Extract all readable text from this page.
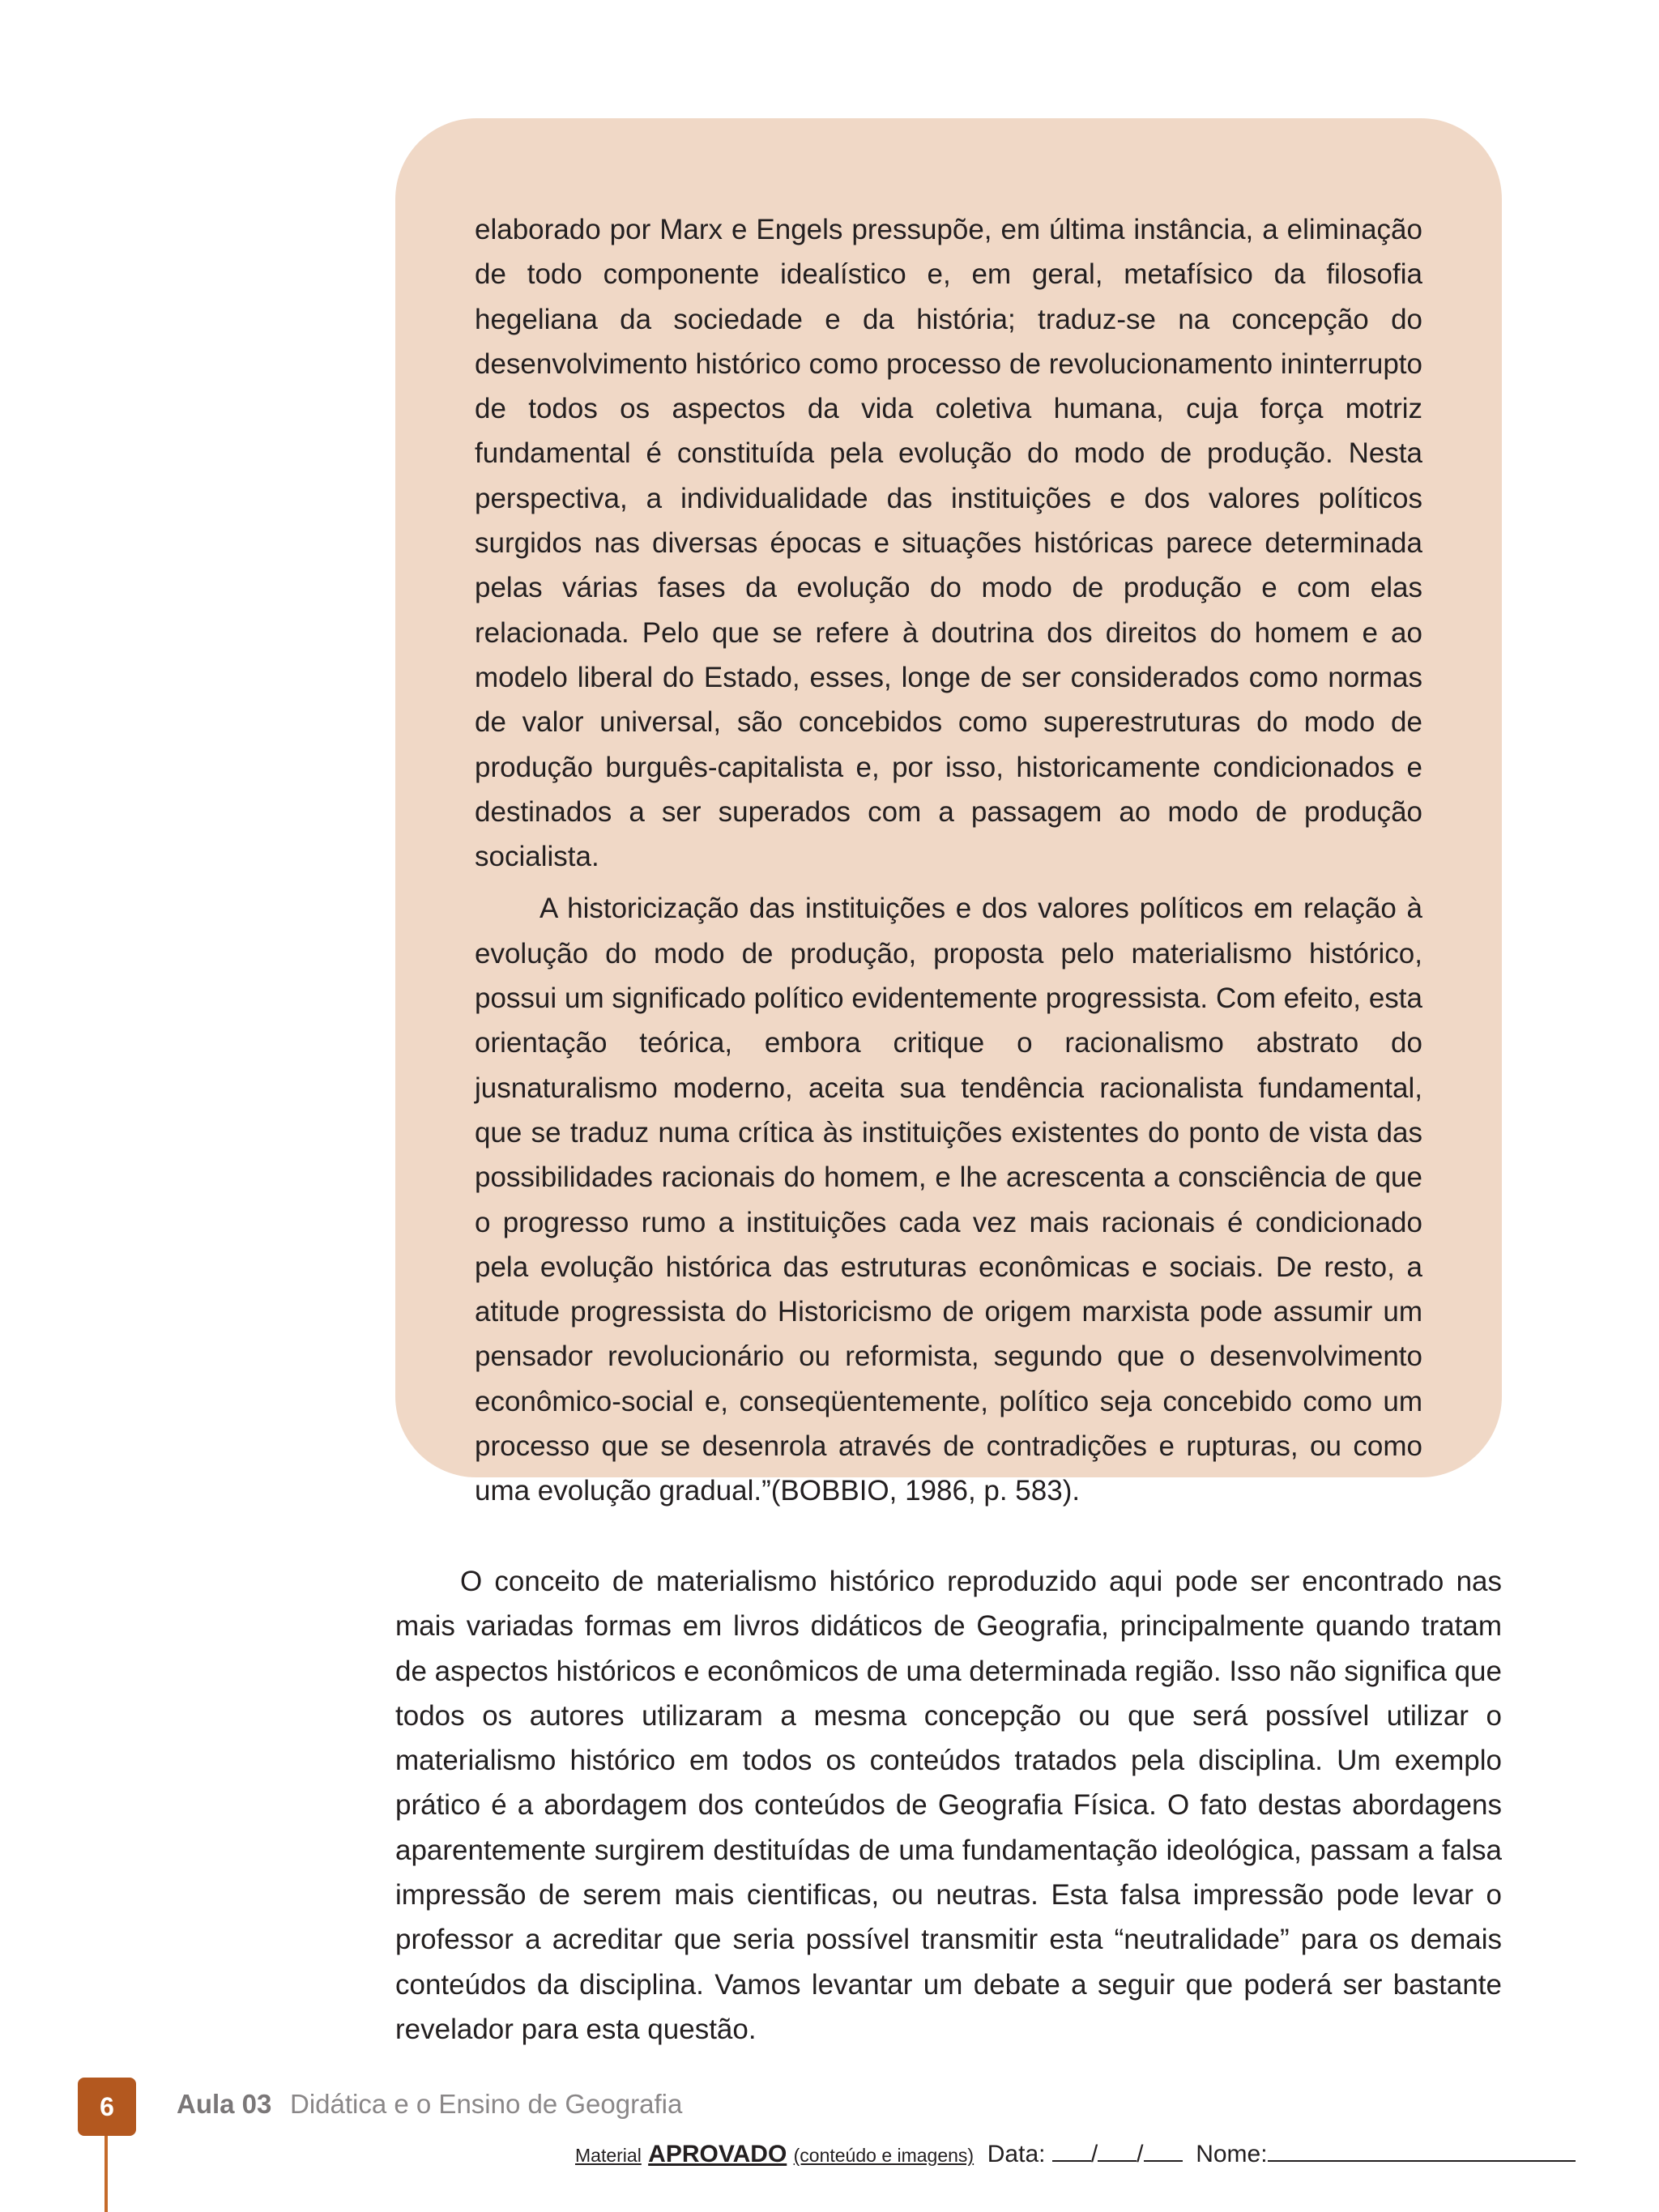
elaborado por Marx e Engels pressupõe, em última instância, a eliminação de todo componente idealístico e, em geral, metafísico da filosofia hegeliana da sociedade e da história; traduz-se na concepção do desenvolvimento histórico como processo de revolucionamento ininterrupto de todos os aspectos da vida coletiva humana, cuja força motriz fundamental é constituída pela evolução do modo de produção. Nesta perspectiva, a individualidade das instituições e dos valores políticos surgidos nas diversas épocas e situações históricas parece determinada pelas várias fases da evolução do modo de produção e com elas relacionada. Pelo que se refere à doutrina dos direitos do homem e ao modelo liberal do Estado, esses, longe de ser considerados como normas de valor universal, são concebidos como superestruturas do modo de produção burguês-capitalista e, por isso, historicamente condicionados e destinados a ser superados com a passagem ao modo de produção socialista.

A historicização das instituições e dos valores políticos em relação à evolução do modo de produção, proposta pelo materialismo histórico, possui um significado político evidentemente progressista. Com efeito, esta orientação teórica, embora critique o racionalismo abstrato do jusnaturalismo moderno, aceita sua tendência racionalista fundamental, que se traduz numa crítica às instituições existentes do ponto de vista das possibilidades racionais do homem, e lhe acrescenta a consciência de que o progresso rumo a instituições cada vez mais racionais é condicionado pela evolução histórica das estruturas econômicas e sociais. De resto, a atitude progressista do Historicismo de origem marxista pode assumir um pensador revolucionário ou reformista, segundo que o desenvolvimento econômico-social e, conseqüentemente, político seja concebido como um processo que se desenrola através de contradições e rupturas, ou como uma evolução gradual.”(BOBBIO, 1986, p. 583).

O conceito de materialismo histórico reproduzido aqui pode ser encontrado nas mais variadas formas em livros didáticos de Geografia, principalmente quando tratam de aspectos históricos e econômicos de uma determinada região. Isso não significa que todos os autores utilizaram a mesma concepção ou que será possível utilizar o materialismo histórico em todos os conteúdos tratados pela disciplina. Um exemplo prático é a abordagem dos conteúdos de Geografia Física. O fato destas abordagens aparentemente surgirem destituídas de uma fundamentação ideológica, passam a falsa impressão de serem mais cientificas, ou neutras. Esta falsa impressão pode levar o professor a acreditar que seria possível transmitir esta “neutralidade” para os demais conteúdos da disciplina. Vamos levantar um debate a seguir que poderá ser bastante revelador para esta questão.

6	Aula 03 Didática e o Ensino de Geografia
Material APROVADO (conteúdo e imagens) Data: / / Nome:
